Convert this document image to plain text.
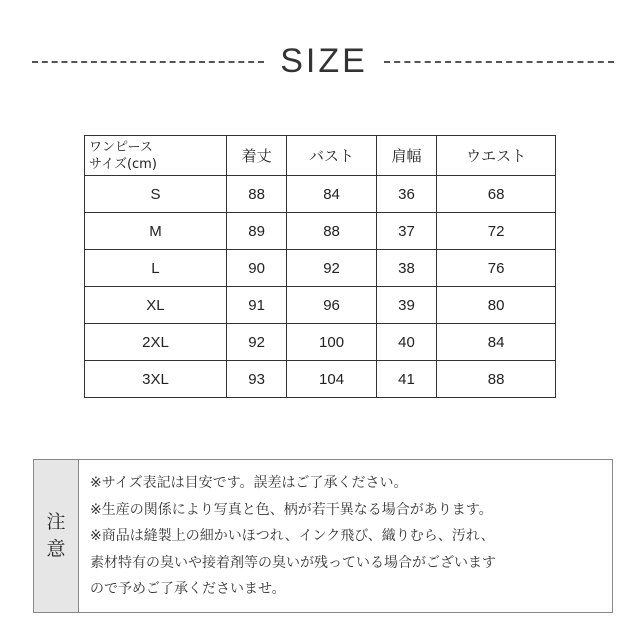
SIZE
ワンピース
サイズ(cm)	着丈	バスト	肩幅	ウエスト
S	88	84	36	68
M	89	88	37	72
L	90	92	38	76
XL	91	96	39	80
2XL	92	100	40	84
3XL	93	104	41	88
注
意
※サイズ表記は目安です。誤差はご了承ください。
※生産の関係により写真と色、柄が若干異なる場合があります。
※商品は縫製上の細かいほつれ、インク飛び、織りむら、汚れ、
素材特有の臭いや接着剤等の臭いが残っている場合がございます
ので予めご了承くださいませ。
